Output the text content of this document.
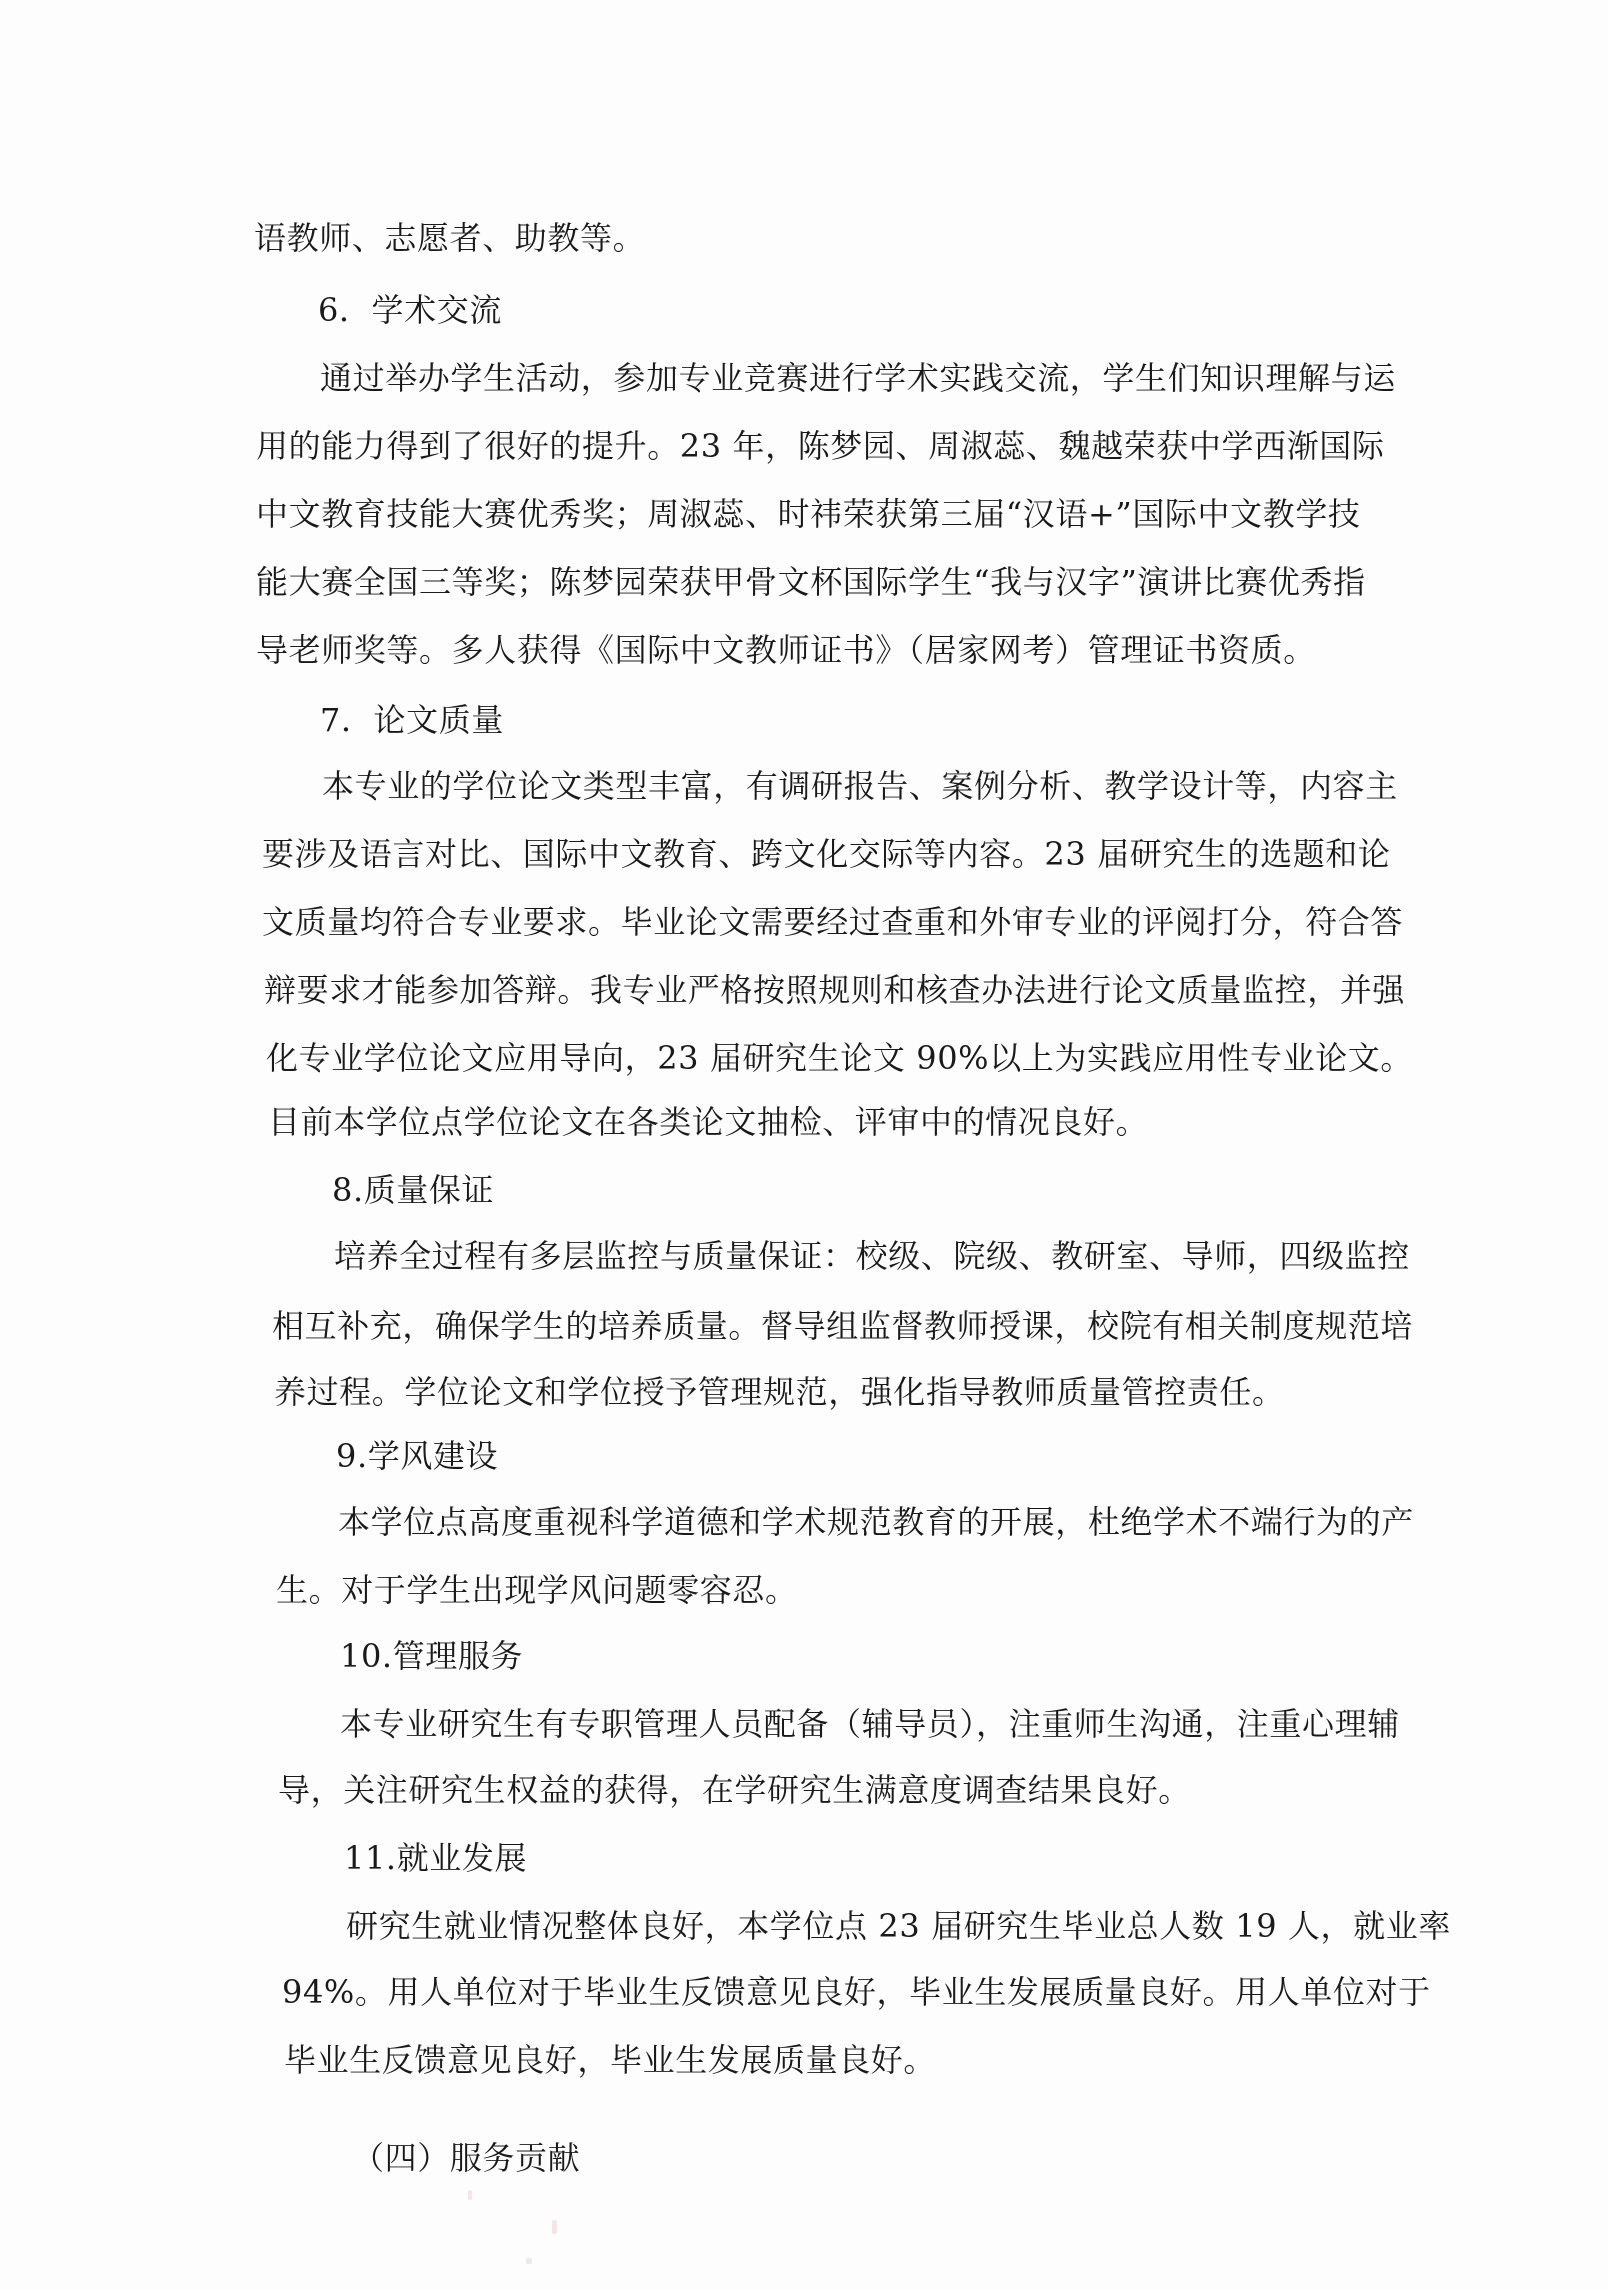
语教师、志愿者、助教等。
6．学术交流
通过举办学生活动，参加专业竞赛进行学术实践交流，学生们知识理解与运
用的能力得到了很好的提升。23 年，陈梦园、周淑蕊、魏越荣获中学西渐国际
中文教育技能大赛优秀奖；周淑蕊、时祎荣获第三届“汉语+”国际中文教学技
能大赛全国三等奖；陈梦园荣获甲骨文杯国际学生“我与汉字”演讲比赛优秀指
导老师奖等。多人获得《国际中文教师证书》（居家网考）管理证书资质。
7．论文质量
本专业的学位论文类型丰富，有调研报告、案例分析、教学设计等，内容主
要涉及语言对比、国际中文教育、跨文化交际等内容。23 届研究生的选题和论
文质量均符合专业要求。毕业论文需要经过查重和外审专业的评阅打分，符合答
辩要求才能参加答辩。我专业严格按照规则和核查办法进行论文质量监控，并强
化专业学位论文应用导向，23 届研究生论文 90%以上为实践应用性专业论文。
目前本学位点学位论文在各类论文抽检、评审中的情况良好。
8.质量保证
培养全过程有多层监控与质量保证：校级、院级、教研室、导师，四级监控
相互补充，确保学生的培养质量。督导组监督教师授课，校院有相关制度规范培
养过程。学位论文和学位授予管理规范，强化指导教师质量管控责任。
9.学风建设
本学位点高度重视科学道德和学术规范教育的开展，杜绝学术不端行为的产
生。对于学生出现学风问题零容忍。
10.管理服务
本专业研究生有专职管理人员配备（辅导员），注重师生沟通，注重心理辅
导，关注研究生权益的获得，在学研究生满意度调查结果良好。
11.就业发展
研究生就业情况整体良好，本学位点 23 届研究生毕业总人数 19 人，就业率
94%。用人单位对于毕业生反馈意见良好，毕业生发展质量良好。用人单位对于
毕业生反馈意见良好，毕业生发展质量良好。
（四）服务贡献
